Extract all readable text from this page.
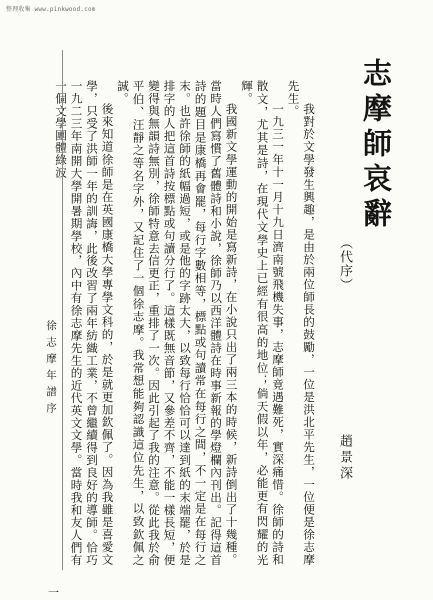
整理收集 www.pinkwood.com
志摩師哀辭
（代序）
趙景深

我對於文學發生興趣，是由於兩位師長的鼓勵，一位是洪北平先生，一位便是徐志摩先生。

一九三一年十一月十九日濟南號飛機失事，志摩師竟遇難死，實深痛惜。徐師的詩和散文，尤其是詩，在現代文學史上已經有很高的地位；倘天假以年，必能更有閃耀的光輝。

我國新文學運動的開始是寫新詩，在小說只出了兩三本的時候，新詩倒出了十幾種。當時人們寫慣了舊體詩和小說，徐師乃以西洋體詩在時事新報的學燈欄內刊出。記得這首詩的題目是康橋再會罷，每行字數相等，標點或句讀常在每行之間，不一定是在每行之末。也許徐師的紙幅過短，或是他的字跡太大，以致每行恰恰可以達到紙的末端罷，於是排字的人把這首詩按標點或句讀分行了。這樣既無音節，又參差不齊，不能一樣長短，便變得與無韻詩無別，徐師特意去信更正，重排了一次。因此引起了我的注意。從此我於俞平伯、汪靜之等名字外，又記住了一個徐志摩。我常想能夠認識這位先生，以致欽佩之誠。

後來知道徐師是在英國康橋大學專學文科的，於是就更加欽佩了。因為我雖是喜愛文學，只受了洪師一年的訓誨，此後改習了兩年紡織工業，不曾繼續得到良好的導師。恰巧一九二三年南開大學開暑期學校，內中有徐志摩先生的近代英文文學。當時我和友人們有一個文學團體綠波

徐志摩年譜序
一
